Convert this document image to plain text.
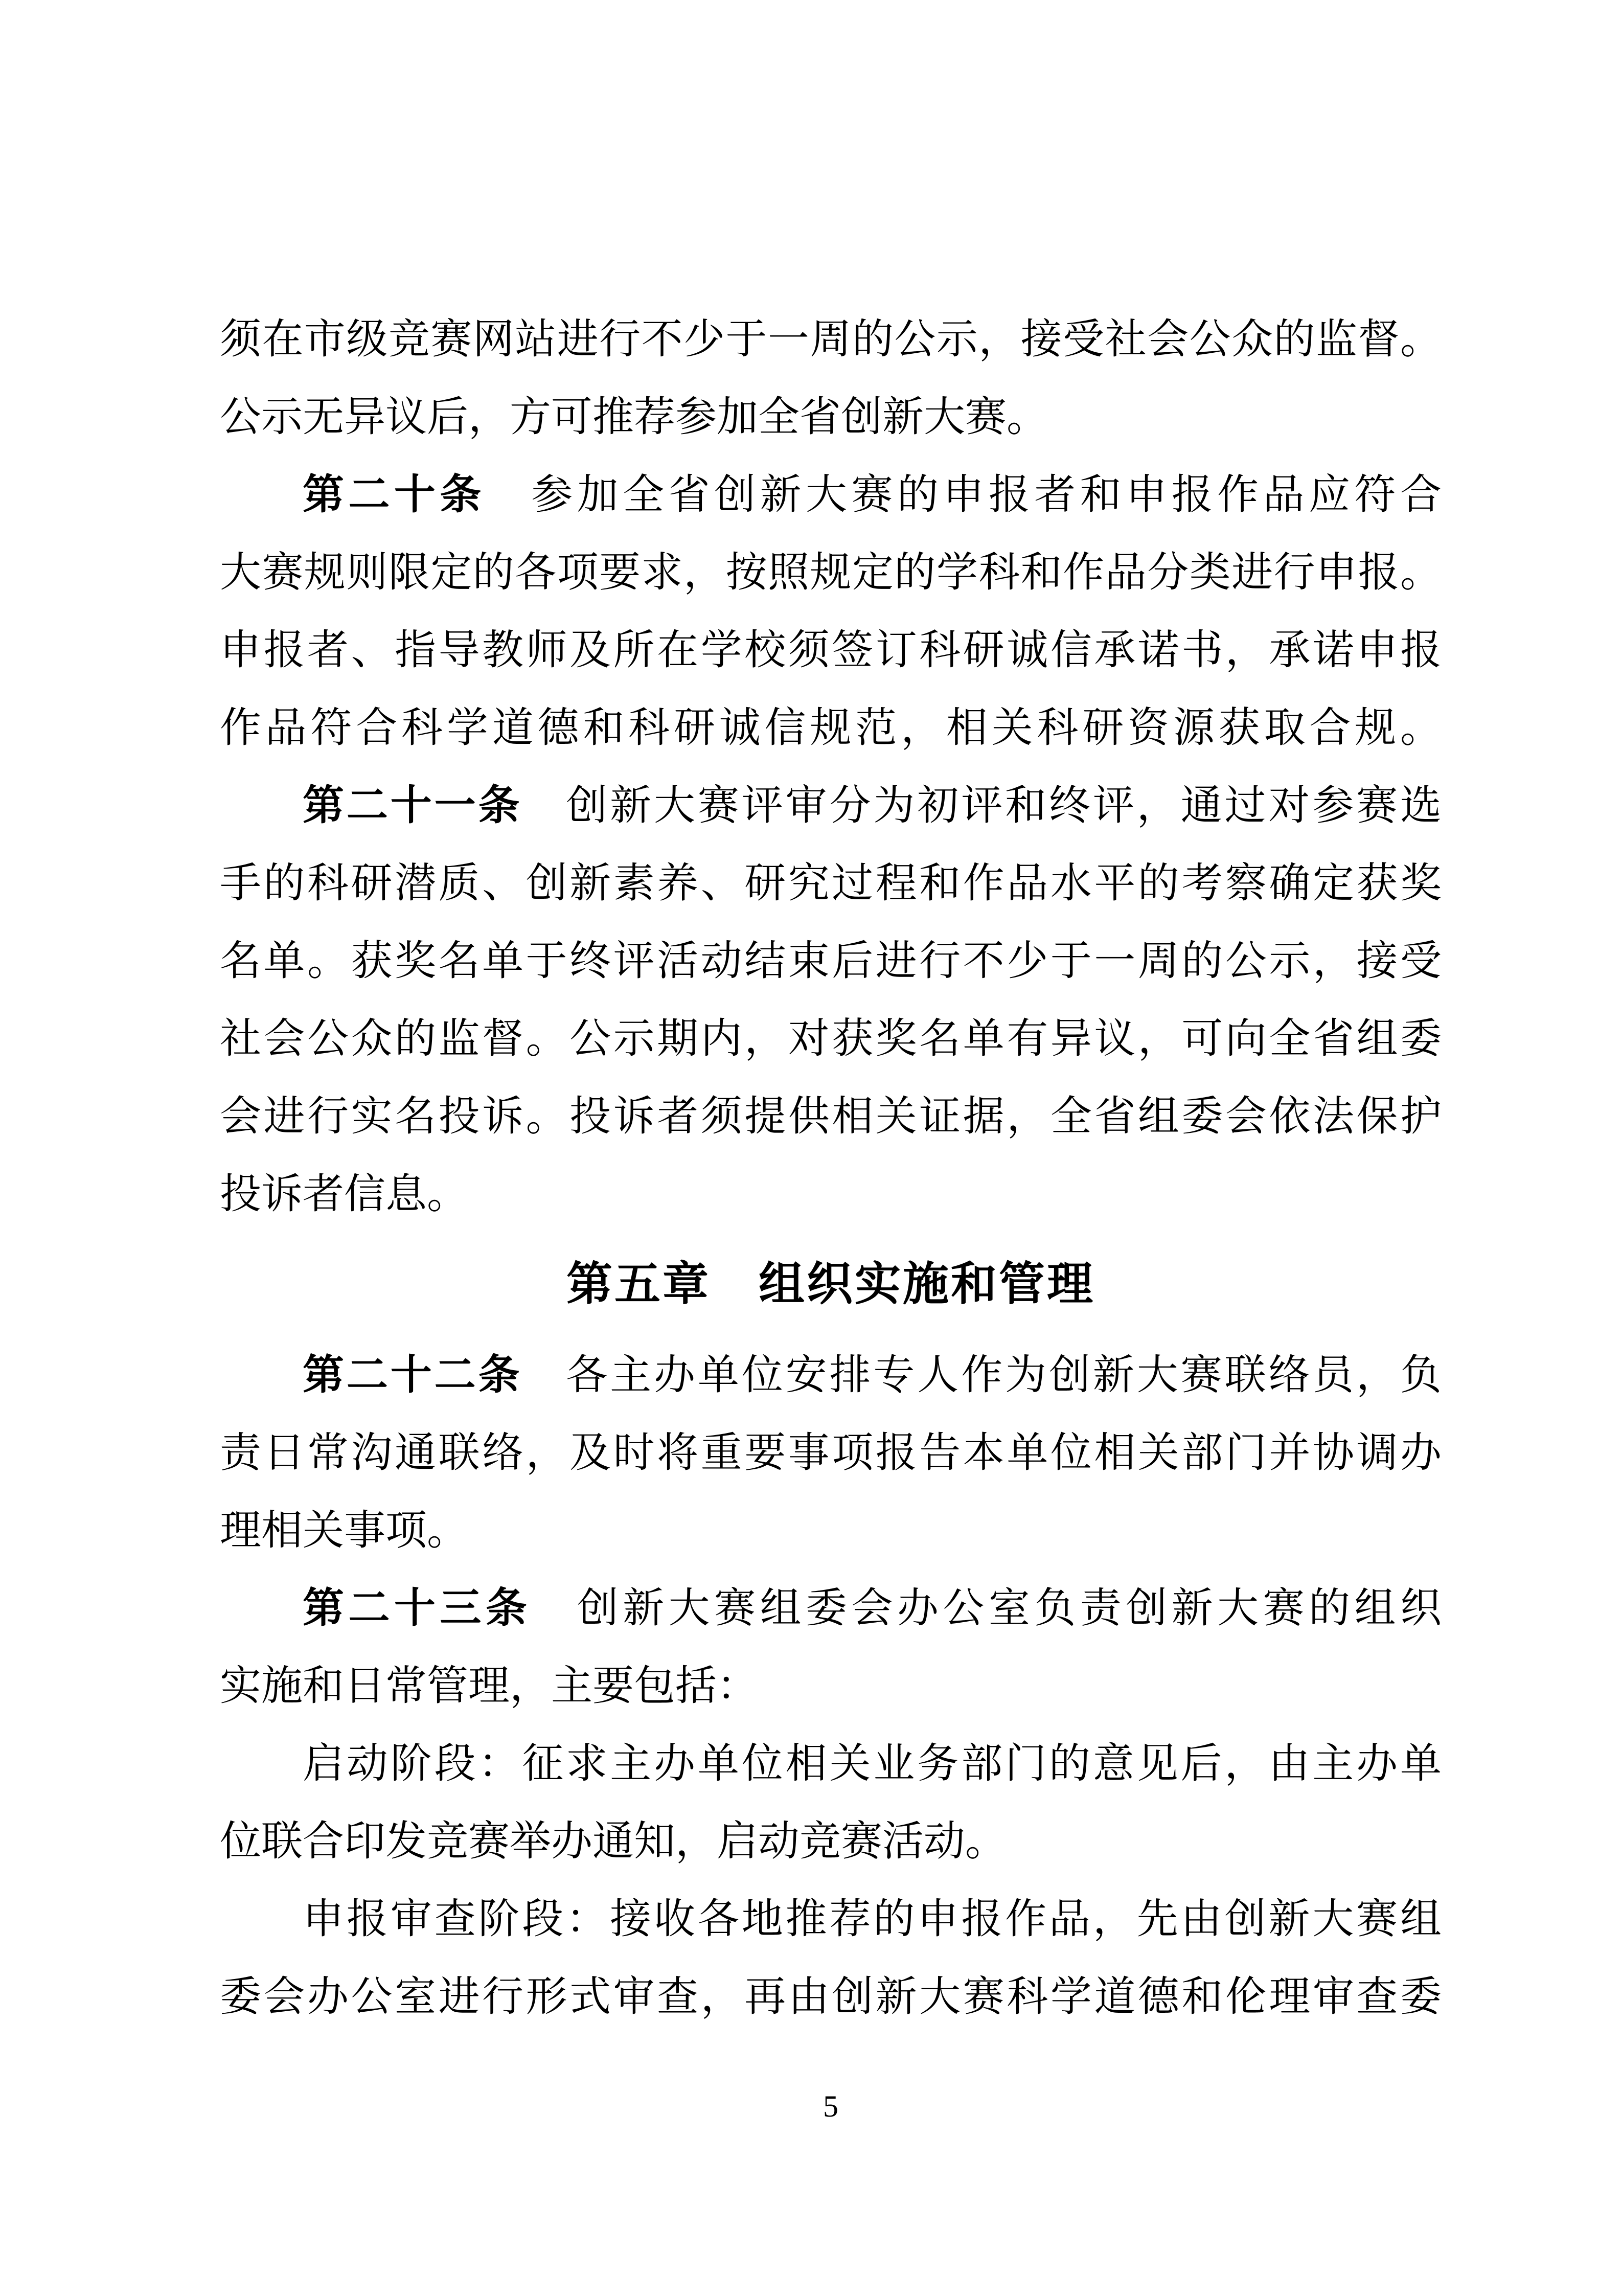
须在市级竞赛网站进行不少于一周的公示，接受社会公众的监督。
公示无异议后，方可推荐参加全省创新大赛。
第二十条　参加全省创新大赛的申报者和申报作品应符合
大赛规则限定的各项要求，按照规定的学科和作品分类进行申报。
申报者、指导教师及所在学校须签订科研诚信承诺书，承诺申报
作品符合科学道德和科研诚信规范，相关科研资源获取合规。
第二十一条　创新大赛评审分为初评和终评，通过对参赛选
手的科研潜质、创新素养、研究过程和作品水平的考察确定获奖
名单。获奖名单于终评活动结束后进行不少于一周的公示，接受
社会公众的监督。公示期内，对获奖名单有异议，可向全省组委
会进行实名投诉。投诉者须提供相关证据，全省组委会依法保护
投诉者信息。
第五章　组织实施和管理
第二十二条　各主办单位安排专人作为创新大赛联络员，负
责日常沟通联络，及时将重要事项报告本单位相关部门并协调办
理相关事项。
第二十三条　创新大赛组委会办公室负责创新大赛的组织
实施和日常管理，主要包括：
启动阶段：征求主办单位相关业务部门的意见后，由主办单
位联合印发竞赛举办通知，启动竞赛活动。
申报审查阶段：接收各地推荐的申报作品，先由创新大赛组
委会办公室进行形式审查，再由创新大赛科学道德和伦理审查委
5
